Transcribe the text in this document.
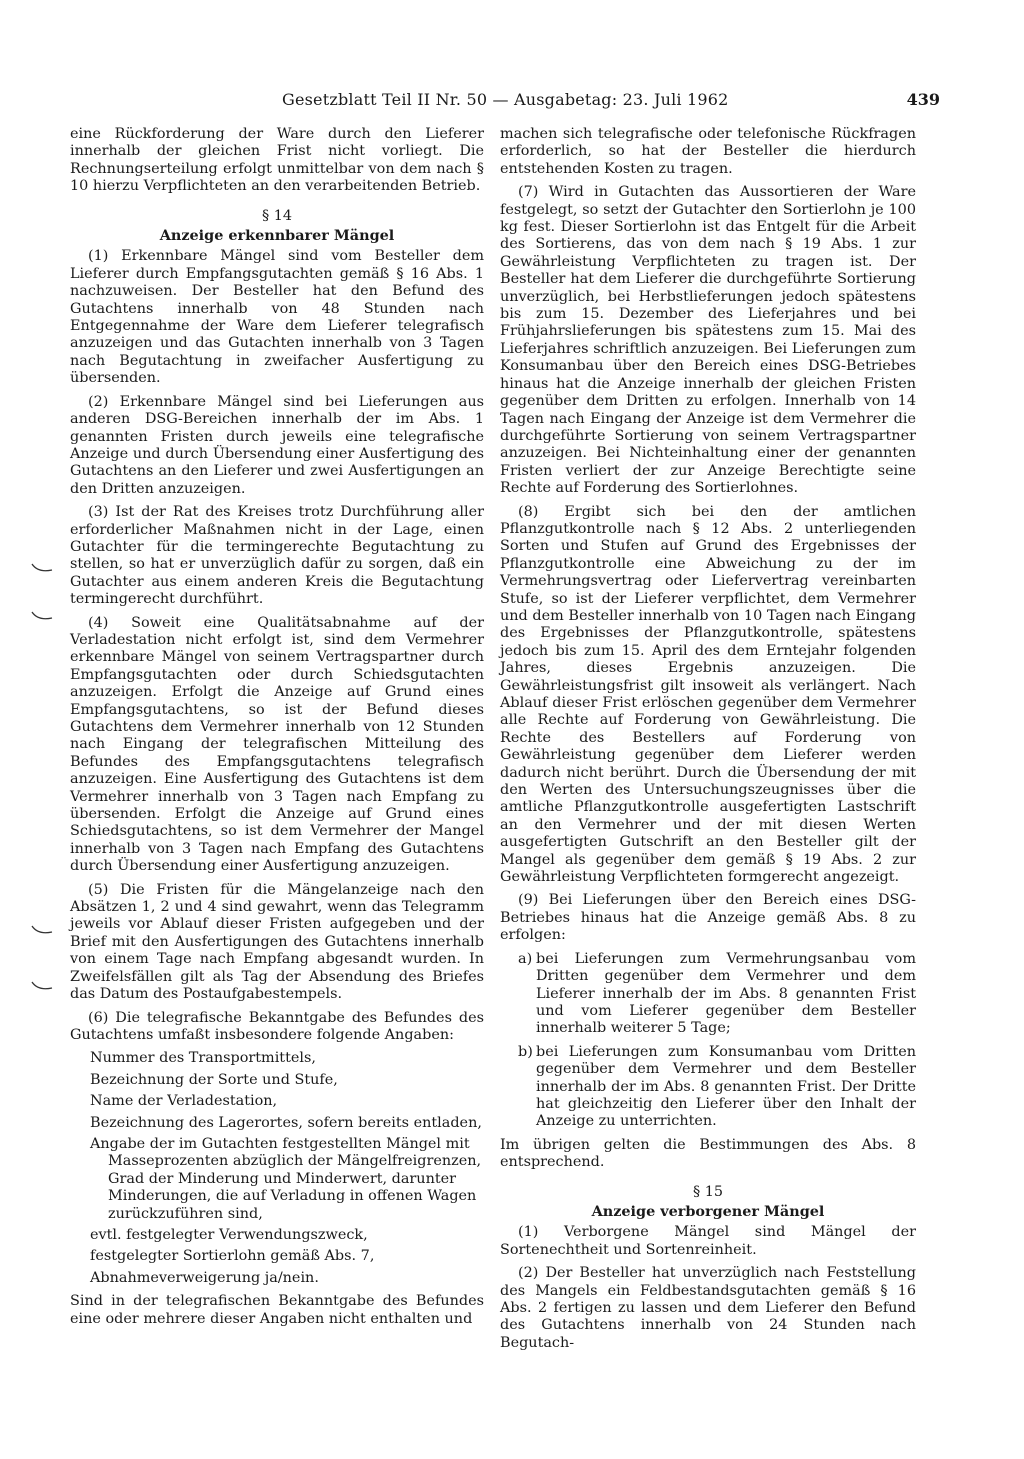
Gesetzblatt Teil II Nr. 50 — Ausgabetag: 23. Juli 1962	439

eine Rückforderung der Ware durch den Lieferer innerhalb der gleichen Frist nicht vorliegt. Die Rechnungserteilung erfolgt unmittelbar von dem nach § 10 hierzu Verpflichteten an den verarbeitenden Betrieb.

§ 14
Anzeige erkennbarer Mängel

(1) Erkennbare Mängel sind vom Besteller dem Lieferer durch Empfangsgutachten gemäß § 16 Abs. 1 nachzuweisen. Der Besteller hat den Befund des Gutachtens innerhalb von 48 Stunden nach Entgegennahme der Ware dem Lieferer telegrafisch anzuzeigen und das Gutachten innerhalb von 3 Tagen nach Begutachtung in zweifacher Ausfertigung zu übersenden.

(2) Erkennbare Mängel sind bei Lieferungen aus anderen DSG-Bereichen innerhalb der im Abs. 1 genannten Fristen durch jeweils eine telegrafische Anzeige und durch Übersendung einer Ausfertigung des Gutachtens an den Lieferer und zwei Ausfertigungen an den Dritten anzuzeigen.

(3) Ist der Rat des Kreises trotz Durchführung aller erforderlicher Maßnahmen nicht in der Lage, einen Gutachter für die termingerechte Begutachtung zu stellen, so hat er unverzüglich dafür zu sorgen, daß ein Gutachter aus einem anderen Kreis die Begutachtung termingerecht durchführt.

(4) Soweit eine Qualitätsabnahme auf der Verladestation nicht erfolgt ist, sind dem Vermehrer erkennbare Mängel von seinem Vertragspartner durch Empfangsgutachten oder durch Schiedsgutachten anzuzeigen. Erfolgt die Anzeige auf Grund eines Empfangsgutachtens, so ist der Befund dieses Gutachtens dem Vermehrer innerhalb von 12 Stunden nach Eingang der telegrafischen Mitteilung des Befundes des Empfangsgutachtens telegrafisch anzuzeigen. Eine Ausfertigung des Gutachtens ist dem Vermehrer innerhalb von 3 Tagen nach Empfang zu übersenden. Erfolgt die Anzeige auf Grund eines Schiedsgutachtens, so ist dem Vermehrer der Mangel innerhalb von 3 Tagen nach Empfang des Gutachtens durch Übersendung einer Ausfertigung anzuzeigen.

(5) Die Fristen für die Mängelanzeige nach den Absätzen 1, 2 und 4 sind gewahrt, wenn das Telegramm jeweils vor Ablauf dieser Fristen aufgegeben und der Brief mit den Ausfertigungen des Gutachtens innerhalb von einem Tage nach Empfang abgesandt wurden. In Zweifelsfällen gilt als Tag der Absendung des Briefes das Datum des Postaufgabestempels.

(6) Die telegrafische Bekanntgabe des Befundes des Gutachtens umfaßt insbesondere folgende Angaben:

Nummer des Transportmittels,
Bezeichnung der Sorte und Stufe,
Name der Verladestation,
Bezeichnung des Lagerortes, sofern bereits entladen,
Angabe der im Gutachten festgestellten Mängel mit Masseprozenten abzüglich der Mängelfreigrenzen, Grad der Minderung und Minderwert, darunter Minderungen, die auf Verladung in offenen Wagen zurückzuführen sind,
evtl. festgelegter Verwendungszweck,
festgelegter Sortierlohn gemäß Abs. 7,
Abnahmeverweigerung ja/nein.

Sind in der telegrafischen Bekanntgabe des Befundes eine oder mehrere dieser Angaben nicht enthalten und

machen sich telegrafische oder telefonische Rückfragen erforderlich, so hat der Besteller die hierdurch entstehenden Kosten zu tragen.

(7) Wird in Gutachten das Aussortieren der Ware festgelegt, so setzt der Gutachter den Sortierlohn je 100 kg fest. Dieser Sortierlohn ist das Entgelt für die Arbeit des Sortierens, das von dem nach § 19 Abs. 1 zur Gewährleistung Verpflichteten zu tragen ist. Der Besteller hat dem Lieferer die durchgeführte Sortierung unverzüglich, bei Herbstlieferungen jedoch spätestens bis zum 15. Dezember des Lieferjahres und bei Frühjahrslieferungen bis spätestens zum 15. Mai des Lieferjahres schriftlich anzuzeigen. Bei Lieferungen zum Konsumanbau über den Bereich eines DSG-Betriebes hinaus hat die Anzeige innerhalb der gleichen Fristen gegenüber dem Dritten zu erfolgen. Innerhalb von 14 Tagen nach Eingang der Anzeige ist dem Vermehrer die durchgeführte Sortierung von seinem Vertragspartner anzuzeigen. Bei Nichteinhaltung einer der genannten Fristen verliert der zur Anzeige Berechtigte seine Rechte auf Forderung des Sortierlohnes.

(8) Ergibt sich bei den der amtlichen Pflanzgutkontrolle nach § 12 Abs. 2 unterliegenden Sorten und Stufen auf Grund des Ergebnisses der Pflanzgutkontrolle eine Abweichung zu der im Vermehrungsvertrag oder Liefervertrag vereinbarten Stufe, so ist der Lieferer verpflichtet, dem Vermehrer und dem Besteller innerhalb von 10 Tagen nach Eingang des Ergebnisses der Pflanzgutkontrolle, spätestens jedoch bis zum 15. April des dem Erntejahr folgenden Jahres, dieses Ergebnis anzuzeigen. Die Gewährleistungsfrist gilt insoweit als verlängert. Nach Ablauf dieser Frist erlöschen gegenüber dem Vermehrer alle Rechte auf Forderung von Gewährleistung. Die Rechte des Bestellers auf Forderung von Gewährleistung gegenüber dem Lieferer werden dadurch nicht berührt. Durch die Übersendung der mit den Werten des Untersuchungszeugnisses über die amtliche Pflanzgutkontrolle ausgefertigten Lastschrift an den Vermehrer und der mit diesen Werten ausgefertigten Gutschrift an den Besteller gilt der Mangel als gegenüber dem gemäß § 19 Abs. 2 zur Gewährleistung Verpflichteten formgerecht angezeigt.

(9) Bei Lieferungen über den Bereich eines DSG-Betriebes hinaus hat die Anzeige gemäß Abs. 8 zu erfolgen:

a) bei Lieferungen zum Vermehrungsanbau vom Dritten gegenüber dem Vermehrer und dem Lieferer innerhalb der im Abs. 8 genannten Frist und vom Lieferer gegenüber dem Besteller innerhalb weiterer 5 Tage;
b) bei Lieferungen zum Konsumanbau vom Dritten gegenüber dem Vermehrer und dem Besteller innerhalb der im Abs. 8 genannten Frist. Der Dritte hat gleichzeitig den Lieferer über den Inhalt der Anzeige zu unterrichten.

Im übrigen gelten die Bestimmungen des Abs. 8 entsprechend.

§ 15
Anzeige verborgener Mängel

(1) Verborgene Mängel sind Mängel der Sortenechtheit und Sortenreinheit.

(2) Der Besteller hat unverzüglich nach Feststellung des Mangels ein Feldbestandsgutachten gemäß § 16 Abs. 2 fertigen zu lassen und dem Lieferer den Befund des Gutachtens innerhalb von 24 Stunden nach Begutach-
